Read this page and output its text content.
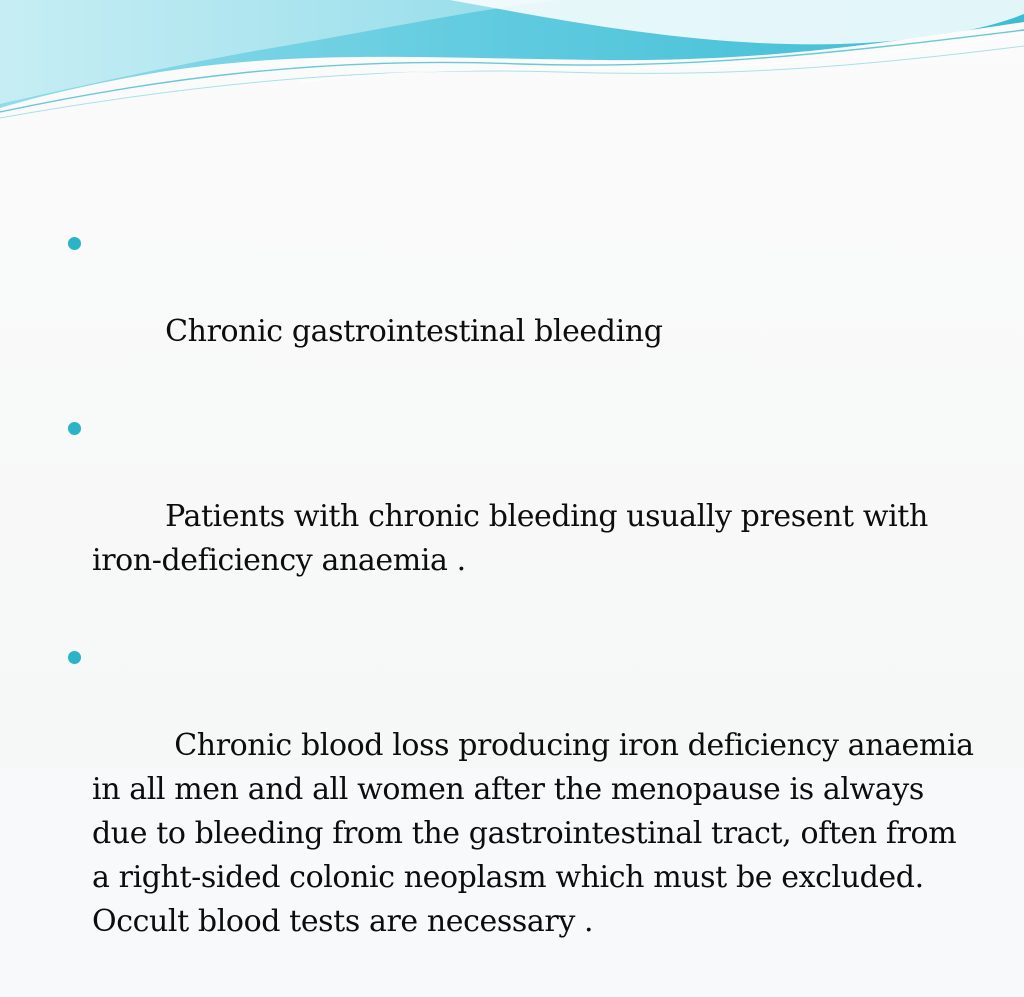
Chronic gastrointestinal bleeding

Patients with chronic bleeding usually present with iron-deficiency anaemia .

Chronic blood loss producing iron deficiency anaemia in all men and all women after the menopause is always due to bleeding from the gastrointestinal tract, often from a right-sided colonic neoplasm which must be excluded. Occult blood tests are necessary .
